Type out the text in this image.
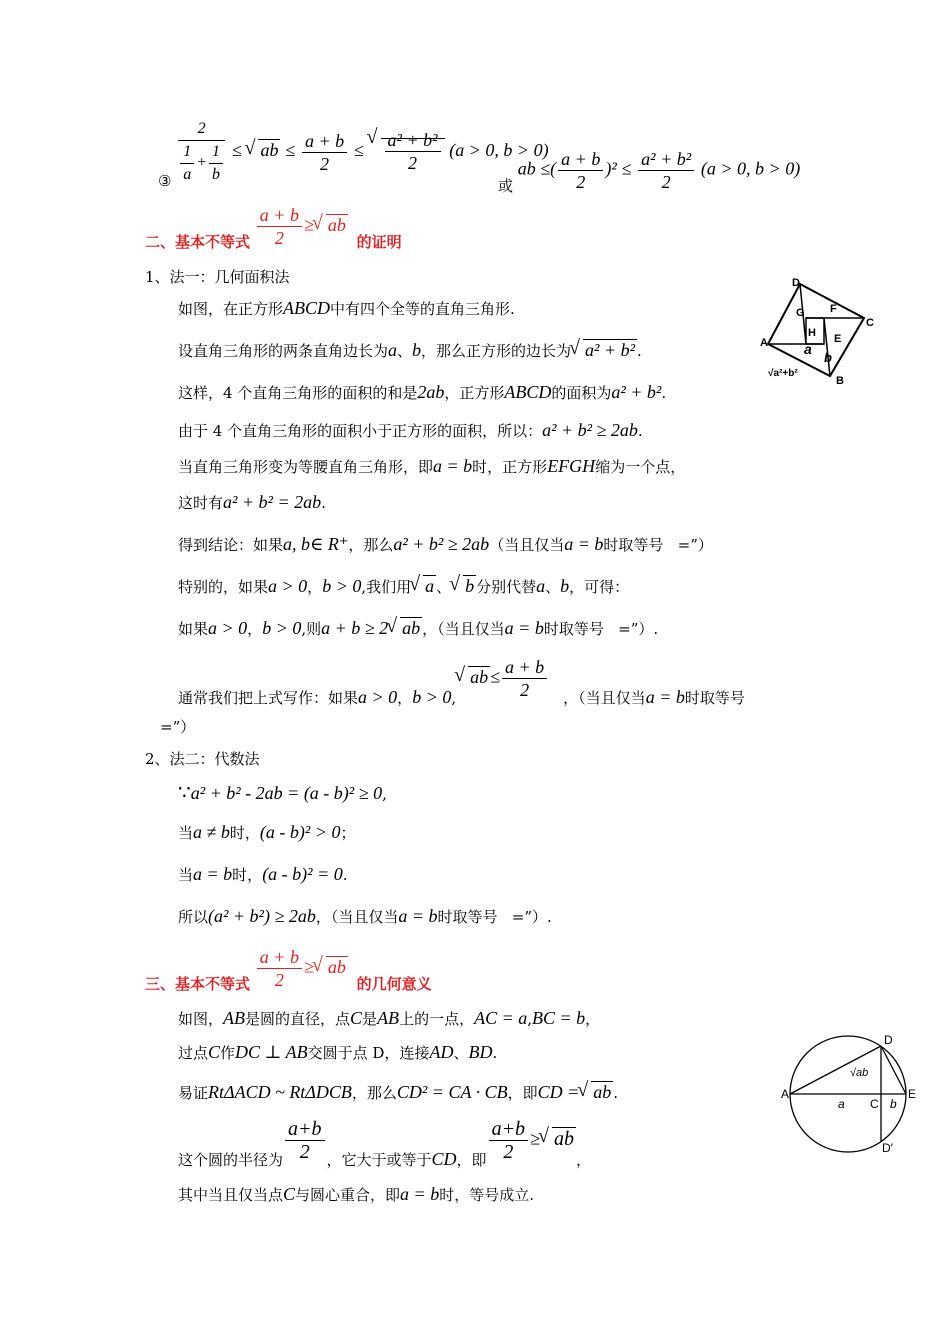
③ $\frac{2}{\frac{1}{a} + \frac{1}{b}}$ ≤ √ ab ≤ $\frac{a + b}{2}$ ≤ √ $\frac{\text{a² + b²}}{2} (a > 0$, b > 0)
或 ab ≤( $\frac{a + b}{2} )^2 \le \frac{\text{a² + b²}}{2} (a > 0$, b > 0)
二、基本不等式 $\frac{a + b}{2}$ ≥ √ ab 的证明
1、法一：几何面积法
如图，在正方形ABCD中有四个全等的直角三角形.
设直角三角形的两条直角边长为a、b，那么正方形的边长为 √ a² + b² .
这样，4 个直角三角形的面积的和是2ab，正方形ABCD的面积为a² + b².
由于 4 个直角三角形的面积小于正方形的面积，所以：a² + b² ≥ 2ab.
当直角三角形变为等腰直角三角形，即a = b时，正方形EFGH缩为一个点，
这时有a² + b² = 2ab.
得到结论：如果a, b∈ R⁺，那么a² + b² ≥ 2ab（当且仅当a = b时取等号   =”）
特别的，如果a > 0，b > 0,我们用 √ a 、 √ b 分别代替a、b，可得：
如果a > 0，b > 0,则a + b ≥ 2 √ ab ，（当且仅当a = b时取等号   =”）.
通常我们把上式写作：如果a > 0，b > 0,√ ab ≤ $\frac{a + b}{2}$ ，（当且仅当a = b时取等号
=”）
2、法二：代数法
∵a² + b² - 2ab = (a - b)² ≥ 0,
当a ≠ b时，(a - b)² > 0；
当a = b时，(a - b)² = 0.
所以(a² + b²) ≥ 2ab，（当且仅当a = b时取等号   =”）.
三、基本不等式 $\frac{a + b}{2}$ ≥ √ ab 的几何意义
如图，AB是圆的直径，点C是AB上的一点，AC = a,BC = b，
过点C作DC ⊥ AB交圆于点 D，连接AD、BD.
易证RtΔACD ~ RtΔDCB，那么CD² = CA · CB，即CD = √ ab .
这个圆的半径为 $\frac{a+b}{2}$ ，它大于或等于CD，即 $\frac{a+b}{2}$ ≥ √ ab，
其中当且仅当点C与圆心重合，即a = b时，等号成立.
D
C
B
A
F
G
H E
a
b
√a²+b²
A	E
D
C
D′
a	b
√ab
